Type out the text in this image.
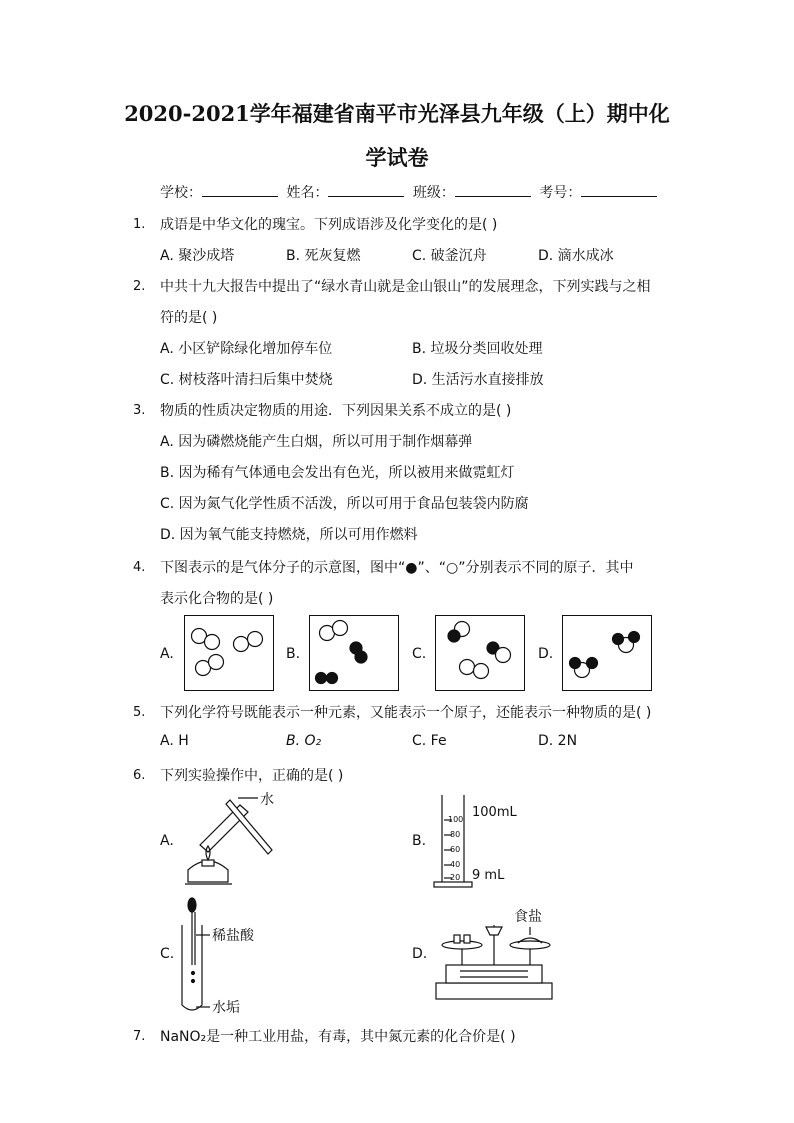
2020-2021学年福建省南平市光泽县九年级（上）期中化
学试卷
学校：	姓名：	班级：	考号：
1. 成语是中华文化的瑰宝。下列成语涉及化学变化的是( )
A. 聚沙成塔	B. 死灰复燃	C. 破釜沉舟	D. 滴水成冰
2. 中共十九大报告中提出了“绿水青山就是金山银山”的发展理念，下列实践与之相
符的是( )
A. 小区铲除绿化增加停车位	B. 垃圾分类回收处理
C. 树枝落叶清扫后集中焚烧	D. 生活污水直接排放
3. 物质的性质决定物质的用途．下列因果关系不成立的是( )
A. 因为磷燃烧能产生白烟，所以可用于制作烟幕弹
B. 因为稀有气体通电会发出有色光，所以被用来做霓虹灯
C. 因为氮气化学性质不活泼，所以可用于食品包装袋内防腐
D. 因为氧气能支持燃烧，所以可用作燃料
4. 下图表示的是气体分子的示意图，图中“●”、“○”分别表示不同的原子．其中
表示化合物的是( )
A.	B.	C.	D.
5. 下列化学符号既能表示一种元素，又能表示一个原子，还能表示一种物质的是( )
A. H	B. O₂	C. Fe	D. 2N
6. 下列实验操作中，正确的是( )
A.
水
B.
100
80
60
40
20
100mL
9 mL
C.
稀盐酸
水垢
D.
食盐
7. NaNO₂是一种工业用盐，有毒，其中氮元素的化合价是( )
